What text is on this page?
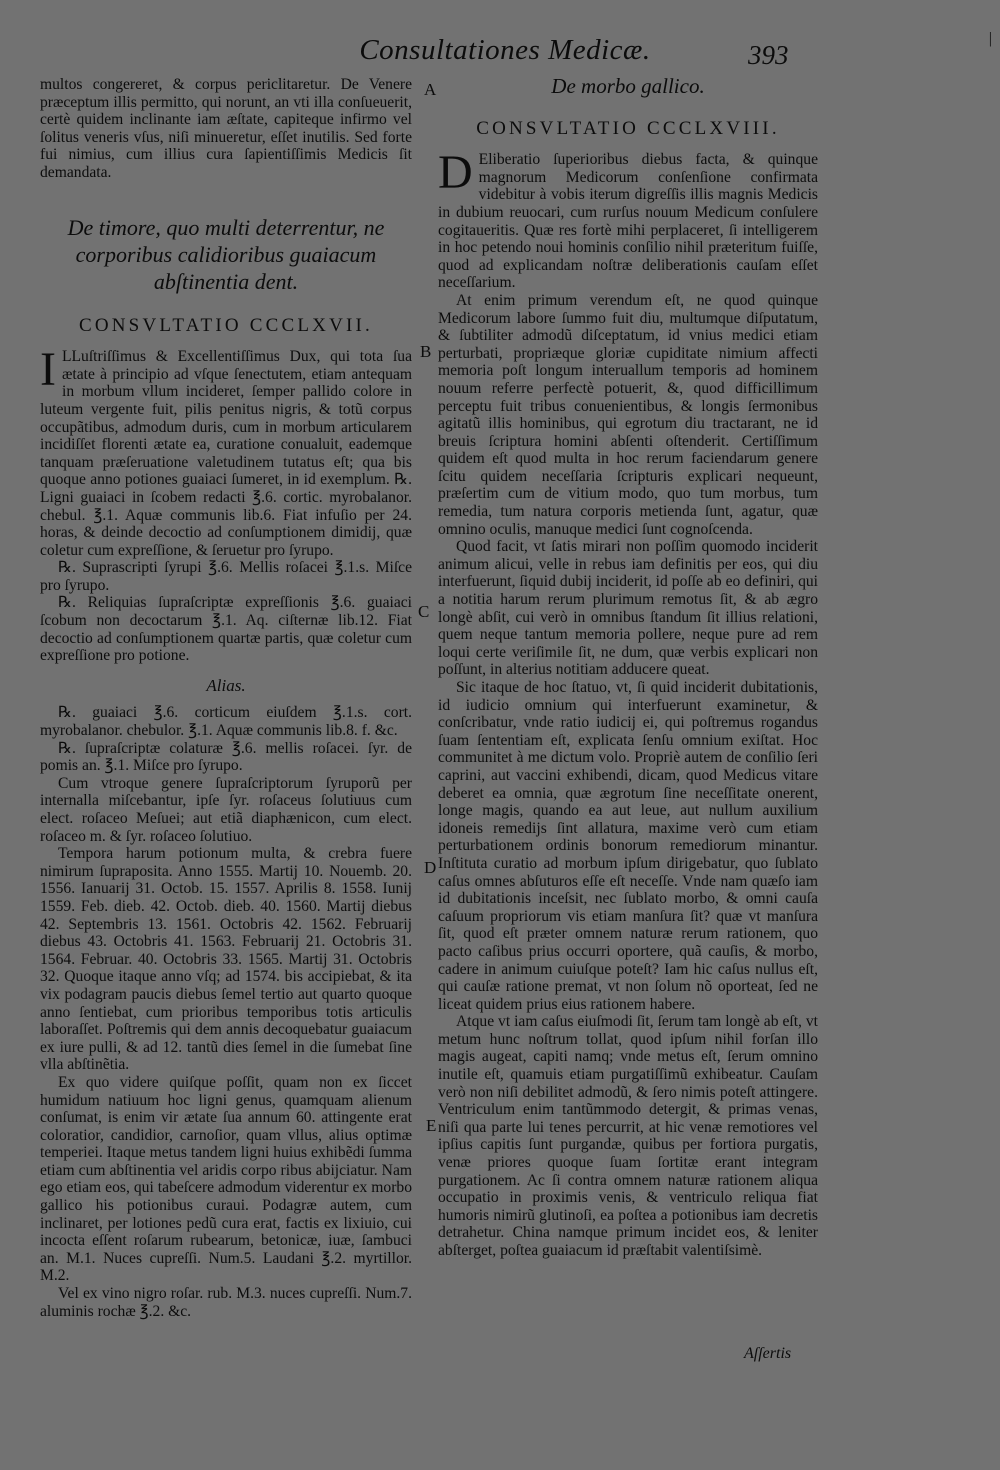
Consultationes Medicæ.	393
|
A
B
C
D
E

multos congereret, & corpus periclitaretur. De Venere præceptum illis permitto, qui norunt, an vti illa conſueuerit, certè quidem inclinante iam æſtate, capiteque infirmo vel ſolitus veneris vſus, niſi minueretur, eſſet inutilis. Sed forte fui nimius, cum illius cura ſapientiſſimis Medicis ſit demandata.

De timore, quo multi deterrentur, ne corporibus calidioribus guaiacum abſtinentia dent.
CONSVLTATIO CCCLXVII.

I LLuſtriſſimus & Excellentiſſimus Dux, qui tota ſua ætate à principio ad vſque ſenectutem, etiam antequam in morbum vllum incideret, ſemper pallido colore in luteum vergente fuit, pilis penitus nigris, & totũ corpus occupãtibus, admodum duris, cum in morbum articularem incidiſſet florenti ætate ea, curatione conualuit, eademque tanquam præſeruatione valetudinem tutatus eſt; qua bis quoque anno potiones guaiaci ſumeret, in id exemplum. ℞. Ligni guaiaci in ſcobem redacti ℥.6. cortic. myrobalanor. chebul. ℥.1. Aquæ communis lib.6. Fiat infuſio per 24. horas, & deinde decoctio ad conſumptionem dimidij, quæ coletur cum expreſſione, & ſeruetur pro ſyrupo.

℞. Suprascripti ſyrupi ℥.6. Mellis roſacei ℥.1.s. Miſce pro ſyrupo.

℞. Reliquias ſupraſcriptæ expreſſionis ℥.6. guaiaci ſcobum non decoctarum ℥.1. Aq. ciſternæ lib.12. Fiat decoctio ad conſumptionem quartæ partis, quæ coletur cum expreſſione pro potione.

Alias.

℞. guaiaci ℥.6. corticum eiuſdem ℥.1.s. cort. myrobalanor. chebulor. ℥.1. Aquæ communis lib.8. f. &c.

℞. ſupraſcriptæ colaturæ ℥.6. mellis roſacei. ſyr. de pomis an. ℥.1. Miſce pro ſyrupo.

Cum vtroque genere ſupraſcriptorum ſyruporũ per internalla miſcebantur, ipſe ſyr. roſaceus ſolutiuus cum elect. roſaceo Meſuei; aut etiã diaphænicon, cum elect. roſaceo m. & ſyr. roſaceo ſolutiuo.

Tempora harum potionum multa, & crebra fuere nimirum ſupraposita. Anno 1555. Martij 10. Nouemb. 20. 1556. Ianuarij 31. Octob. 15. 1557. Aprilis 8. 1558. Iunij 1559. Feb. dieb. 42. Octob. dieb. 40. 1560. Martij diebus 42. Septembris 13. 1561. Octobris 42. 1562. Februarij diebus 43. Octobris 41. 1563. Februarij 21. Octobris 31. 1564. Februar. 40. Octobris 33. 1565. Martij 31. Octobris 32. Quoque itaque anno vſq; ad 1574. bis accipiebat, & ita vix podagram paucis diebus ſemel tertio aut quarto quoque anno ſentiebat, cum prioribus temporibus totis articulis laboraſſet. Poſtremis qui dem annis decoquebatur guaiacum ex iure pulli, & ad 12. tantũ dies ſemel in die ſumebat ſine vlla abſtinẽtia.

Ex quo videre quiſque poſſit, quam non ex ſiccet humidum natiuum hoc ligni genus, quamquam alienum conſumat, is enim vir ætate ſua annum 60. attingente erat coloratior, candidior, carnoſior, quam vllus, alius optimæ temperiei. Itaque metus tandem ligni huius exhibẽdi ſumma etiam cum abſtinentia vel aridis corpo ribus abijciatur. Nam ego etiam eos, qui tabeſcere admodum viderentur ex morbo gallico his potionibus curaui. Podagræ autem, cum inclinaret, per lotiones pedũ cura erat, factis ex lixiuio, cui incocta eſſent roſarum rubearum, betonicæ, iuæ, ſambuci an. M.1. Nuces cupreſſi. Num.5. Laudani ℥.2. myrtillor. M.2.

Vel ex vino nigro roſar. rub. M.3. nuces cupreſſi. Num.7. aluminis rochæ ℥.2. &c.

De morbo gallico.
CONSVLTATIO CCCLXVIII.

D Eliberatio ſuperioribus diebus facta, & quinque magnorum Medicorum conſenſione confirmata videbitur à vobis iterum digreſſis illis magnis Medicis in dubium reuocari, cum rurſus nouum Medicum conſulere cogitaueritis. Quæ res fortè mihi perplaceret, ſi intelligerem in hoc petendo noui hominis conſilio nihil præteritum fuiſſe, quod ad explicandam noſtræ deliberationis cauſam eſſet neceſſarium.

At enim primum verendum eſt, ne quod quinque Medicorum labore ſummo fuit diu, multumque diſputatum, & ſubtiliter admodũ diſceptatum, id vnius medici etiam perturbati, propriæque gloriæ cupiditate nimium affecti memoria poſt longum interuallum temporis ad hominem nouum referre perfectè potuerit, &, quod difficillimum perceptu fuit tribus conuenientibus, & longis ſermonibus agitatũ illis hominibus, qui egrotum diu tractarant, ne id breuis ſcriptura homini abſenti oſtenderit. Certiſſimum quidem eſt quod multa in hoc rerum faciendarum genere ſcitu quidem neceſſaria ſcripturis explicari nequeunt, præſertim cum de vitium modo, quo tum morbus, tum remedia, tum natura corporis metienda ſunt, agatur, quæ omnino oculis, manuque medici ſunt cognoſcenda.

Quod facit, vt ſatis mirari non poſſim quomodo inciderit animum alicui, velle in rebus iam definitis per eos, qui diu interfuerunt, ſiquid dubij inciderit, id poſſe ab eo definiri, qui a notitia harum rerum plurimum remotus ſit, & ab ægro longè abſit, cui verò in omnibus ſtandum ſit illius relationi, quem neque tantum memoria pollere, neque pure ad rem loqui certe veriſimile ſit, ne dum, quæ verbis explicari non poſſunt, in alterius notitiam adducere queat.

Sic itaque de hoc ſtatuo, vt, ſi quid inciderit dubitationis, id iudicio omnium qui interfuerunt examinetur, & conſcribatur, vnde ratio iudicij ei, qui poſtremus rogandus ſuam ſententiam eſt, explicata ſenſu omnium exiſtat. Hoc communitet à me dictum volo. Propriè autem de conſilio ſeri caprini, aut vaccini exhibendi, dicam, quod Medicus vitare deberet ea omnia, quæ ægrotum ſine neceſſitate onerent, longe magis, quando ea aut leue, aut nullum auxilium idoneis remedijs ſint allatura, maxime verò cum etiam perturbationem ordinis bonorum remediorum minantur. Inſtituta curatio ad morbum ipſum dirigebatur, quo ſublato caſus omnes abſuturos eſſe eſt neceſſe. Vnde nam quæſo iam id dubitationis inceſsit, nec ſublato morbo, & omni cauſa caſuum propriorum vis etiam manſura ſit? quæ vt manſura ſit, quod eſt præter omnem naturæ rerum rationem, quo pacto caſibus prius occurri oportere, quã cauſis, & morbo, cadere in animum cuiuſque poteſt? Iam hic caſus nullus eſt, qui cauſæ ratione premat, vt non ſolum nõ oporteat, ſed ne liceat quidem prius eius rationem habere.

Atque vt iam caſus eiuſmodi ſit, ſerum tam longè ab eſt, vt metum hunc noſtrum tollat, quod ipſum nihil forſan illo magis augeat, capiti namq; vnde metus eſt, ſerum omnino inutile eſt, quamuis etiam purgatiſſimũ exhibeatur. Cauſam verò non niſi debilitet admodũ, & ſero nimis poteſt attingere. Ventriculum enim tantũmmodo detergit, & primas venas, niſi qua parte lui tenes percurrit, at hic venæ remotiores vel ipſius capitis ſunt purgandæ, quibus per fortiora purgatis, venæ priores quoque ſuam ſortitæ erant integram purgationem. Ac ſi contra omnem naturæ rationem aliqua occupatio in proximis venis, & ventriculo reliqua fiat humoris nimirũ glutinoſi, ea poſtea a potionibus iam decretis detrahetur. China namque primum incidet eos, & leniter abſterget, poſtea guaiacum id præſtabit valentiſsimè.

Aſſertis
